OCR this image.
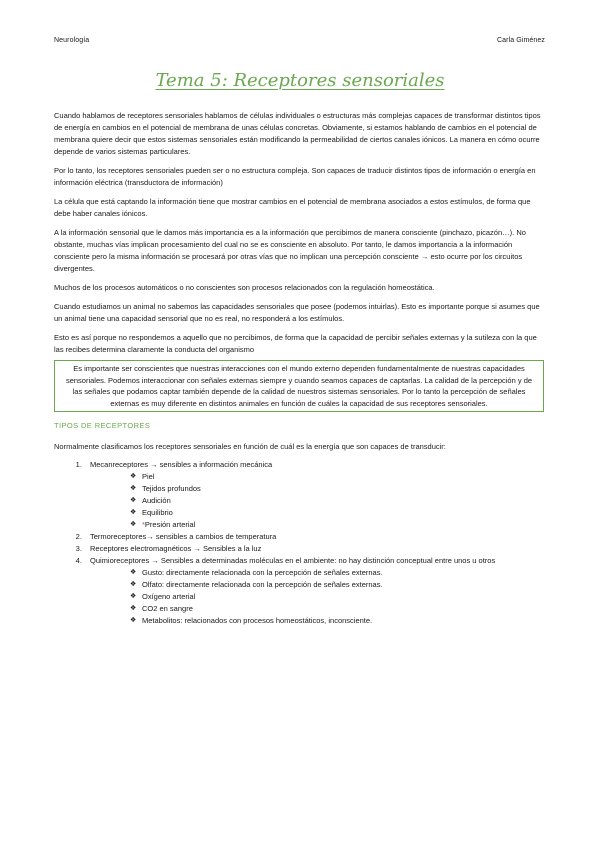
Neurología	Carla Giménez
Tema 5: Receptores sensoriales

Cuando hablamos de receptores sensoriales hablamos de células individuales o estructuras más complejas capaces de transformar distintos tipos de energía en cambios en el potencial de membrana de unas células concretas. Obviamente, si estamos hablando de cambios en el potencial de membrana quiere decir que estos sistemas sensoriales están modificando la permeabilidad de ciertos canales iónicos. La manera en cómo ocurre depende de varios sistemas particulares.

Por lo tanto, los receptores sensoriales pueden ser o no estructura compleja. Son capaces de traducir distintos tipos de información o energía en información eléctrica (transductora de información)

La célula que está captando la información tiene que mostrar cambios en el potencial de membrana asociados a estos estímulos, de forma que debe haber canales iónicos.

A la información sensorial que le damos más importancia es a la información que percibimos de manera consciente (pinchazo, picazón…). No obstante, muchas vías implican procesamiento del cual no se es consciente en absoluto. Por tanto, le damos importancia a la información consciente pero la misma información se procesará por otras vías que no implican una percepción consciente → esto ocurre por los circuitos divergentes.

Muchos de los procesos automáticos o no conscientes son procesos relacionados con la regulación homeostática.

Cuando estudiamos un animal no sabemos las capacidades sensoriales que posee (podemos intuirlas). Esto es importante porque si asumes que un animal tiene una capacidad sensorial que no es real, no responderá a los estímulos.

Esto es así porque no respondemos a aquello que no percibimos, de forma que la capacidad de percibir señales externas y la sutileza con la que las recibes determina claramente la conducta del organismo

Es importante ser conscientes que nuestras interacciones con el mundo externo dependen fundamentalmente de nuestras capacidades sensoriales. Podemos interaccionar con señales externas siempre y cuando seamos capaces de captarlas. La calidad de la percepción y de las señales que podamos captar también depende de la calidad de nuestros sistemas sensoriales. Por lo tanto la percepción de señales externas es muy diferente en distintos animales en función de cuáles la capacidad de sus receptores sensoriales.
TIPOS DE RECEPTORES

Normalmente clasificamos los receptores sensoriales en función de cuál es la energía que son capaces de transducir:

1. Mecanreceptores → sensibles a información mecánica
❖ Piel
❖ Tejidos profundos
❖ Audición
❖ Equilibrio
❖ *Presión arterial
2. Termoreceptores→ sensibles a cambios de temperatura
3. Receptores electromagnéticos → Sensibles a la luz
4. Quimioreceptores → Sensibles a determinadas moléculas en el ambiente: no hay distinción conceptual entre unos u otros
❖ Gusto: directamente relacionada con la percepción de señales externas.
❖ Olfato: directamente relacionada con la percepción de señales externas.
❖ Oxígeno arterial
❖ CO2 en sangre
❖ Metabolitos: relacionados con procesos homeostáticos, inconsciente.
